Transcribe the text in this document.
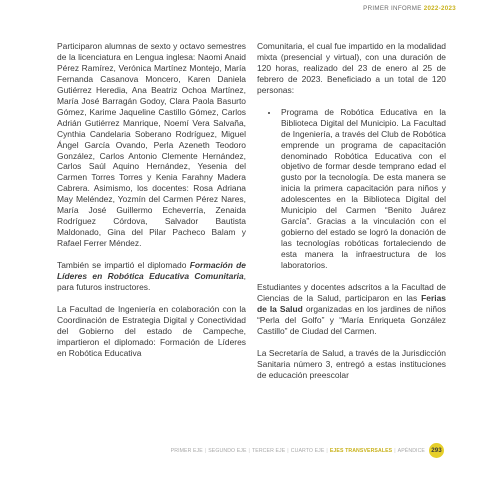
PRIMER INFORME 2022-2023

Participaron alumnas de sexto y octavo semestres de la licenciatura en Lengua inglesa: Naomi Anaid Pérez Ramírez, Verónica Martínez Montejo, María Fernanda Casanova Moncero, Karen Daniela Gutiérrez Heredia, Ana Beatriz Ochoa Martínez, María José Barragán Godoy, Clara Paola Basurto Gómez, Karime Jaqueline Castillo Gómez, Carlos Adrián Gutiérrez Manrique, Noemí Vera Salvaña, Cynthia Candelaria Soberano Rodríguez, Miguel Ángel García Ovando, Perla Azeneth Teodoro González, Carlos Antonio Clemente Hernández, Carlos Saúl Aquino Hernández, Yesenia del Carmen Torres Torres y Kenia Farahny Madera Cabrera. Asimismo, los docentes: Rosa Adriana May Meléndez, Yozmín del Carmen Pérez Nares, María José Guillermo Echeverría, Zenaida Rodríguez Córdova, Salvador Bautista Maldonado, Gina del Pilar Pacheco Balam y Rafael Ferrer Méndez.

También se impartió el diplomado Formación de Líderes en Robótica Educativa Comunitaria, para futuros instructores.

La Facultad de Ingeniería en colaboración con la Coordinación de Estrategia Digital y Conectividad del Gobierno del estado de Campeche, impartieron el diplomado: Formación de Líderes en Robótica Educativa

Comunitaria, el cual fue impartido en la modalidad mixta (presencial y virtual), con una duración de 120 horas, realizado del 23 de enero al 25 de febrero de 2023. Beneficiado a un total de 120 personas:

• Programa de Robótica Educativa en la Biblioteca Digital del Municipio. La Facultad de Ingeniería, a través del Club de Robótica emprende un programa de capacitación denominado Robótica Educativa con el objetivo de formar desde temprano edad el gusto por la tecnología. De esta manera se inicia la primera capacitación para niños y adolescentes en la Biblioteca Digital del Municipio del Carmen “Benito Juárez García”. Gracias a la vinculación con el gobierno del estado se logró la donación de las tecnologías robóticas fortaleciendo de esta manera la infraestructura de los laboratorios.

Estudiantes y docentes adscritos a la Facultad de Ciencias de la Salud, participaron en las Ferias de la Salud organizadas en los jardines de niños “Perla del Golfo” y “María Enriqueta González Castillo” de Ciudad del Carmen.

La Secretaría de Salud, a través de la Jurisdicción Sanitaria número 3, entregó a estas instituciones de educación preescolar

PRIMER EJE | SEGUNDO EJE | TERCER EJE | CUARTO EJE | EJES TRANSVERSALES | APÉNDICE 293
